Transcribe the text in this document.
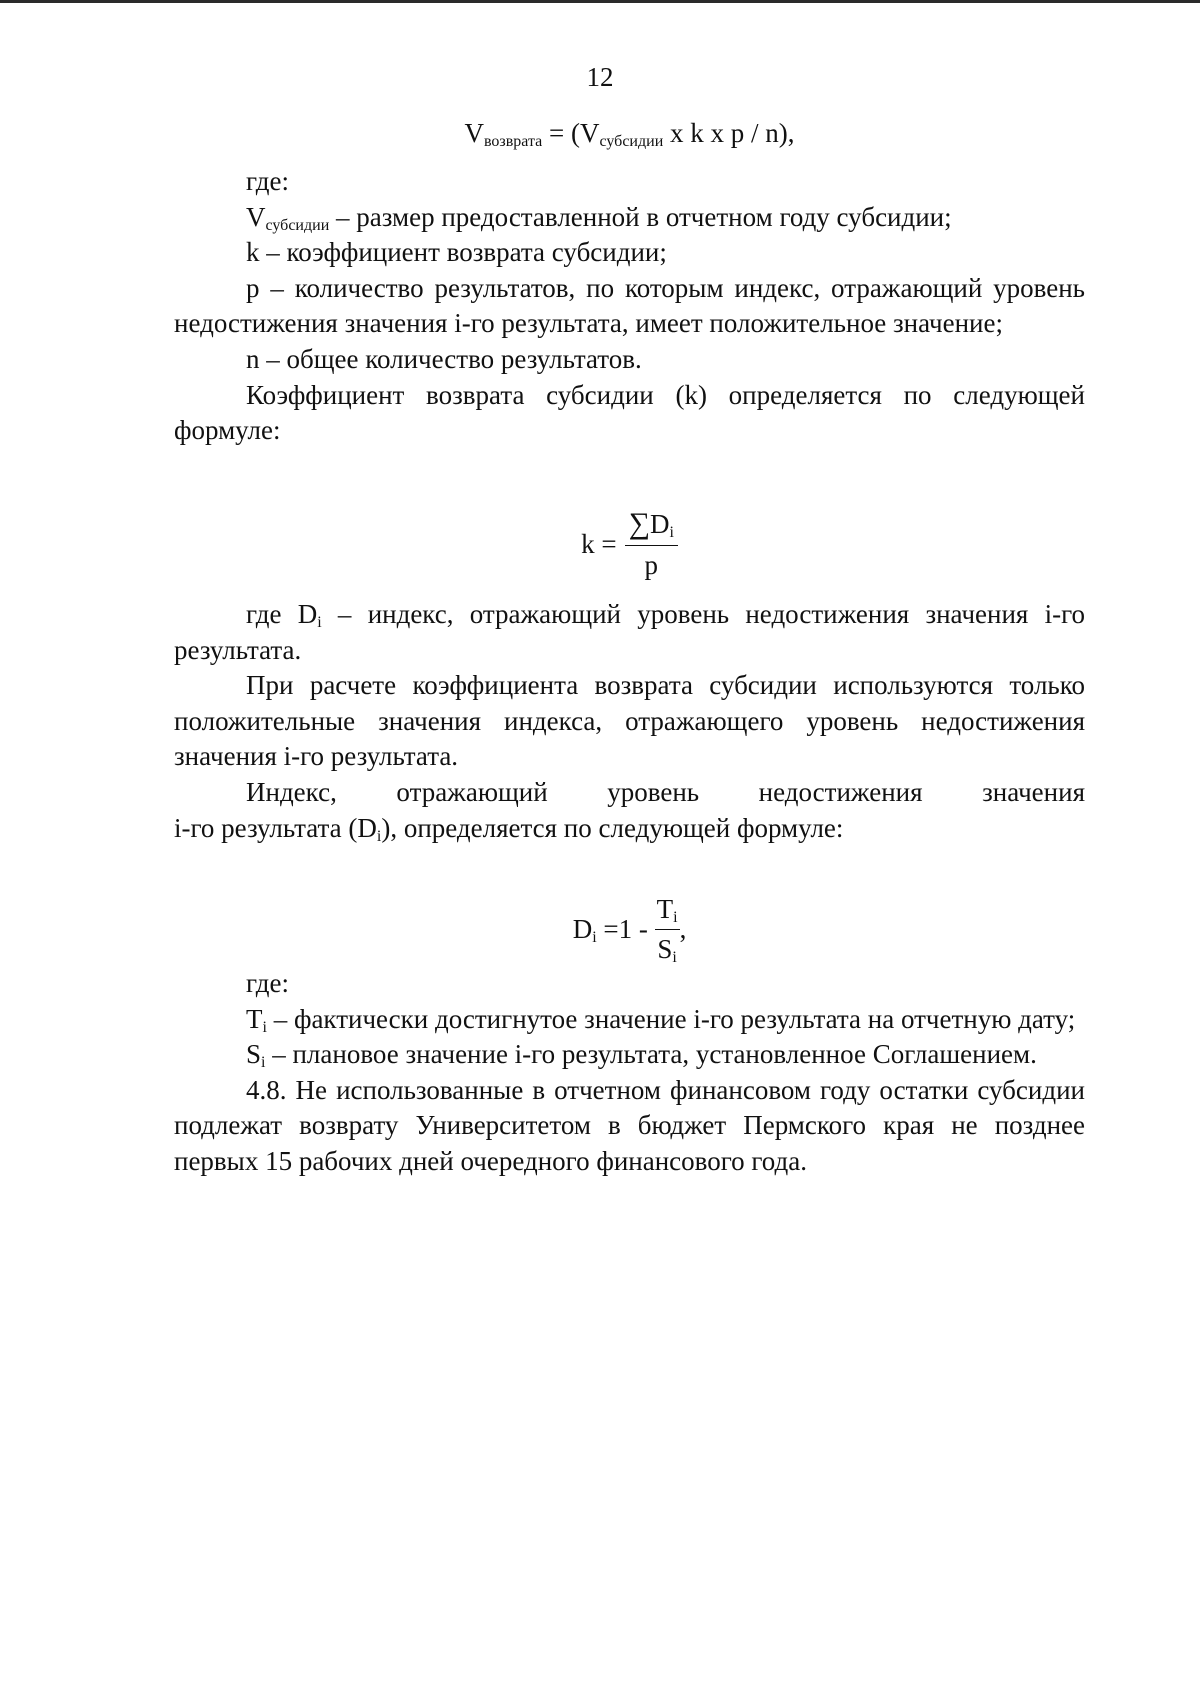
12
$V_{возврата} = (V_{субсидии}$ x k x p / n),

где:

$V_{субсидии}$ – размер предоставленной в отчетном году субсидии;

k – коэффициент возврата субсидии;

р – количество результатов, по которым индекс, отражающий уровень недостижения значения i-го результата, имеет положительное значение;

n – общее количество результатов.

Коэффициент возврата субсидии (k) определяется по следующей формуле:

$k = \frac{\sum D_i}{p}$

где $D_i$ – индекс, отражающий уровень недостижения значения i-го результата.

При расчете коэффициента возврата субсидии используются только положительные значения индекса, отражающего уровень недостижения значения i-го результата.

Индекс, отражающий уровень недостижения значения

i-го результата $(D_i)$, определяется по следующей формуле:

$D_i =1 - \frac{T_i}{S_i}$ ,

где:

$T_i$ – фактически достигнутое значение i-го результата на отчетную дату;

$S_i$ – плановое значение i-го результата, установленное Соглашением.

4.8. Не использованные в отчетном финансовом году остатки субсидии подлежат возврату Университетом в бюджет Пермского края не позднее первых 15 рабочих дней очередного финансового года.
